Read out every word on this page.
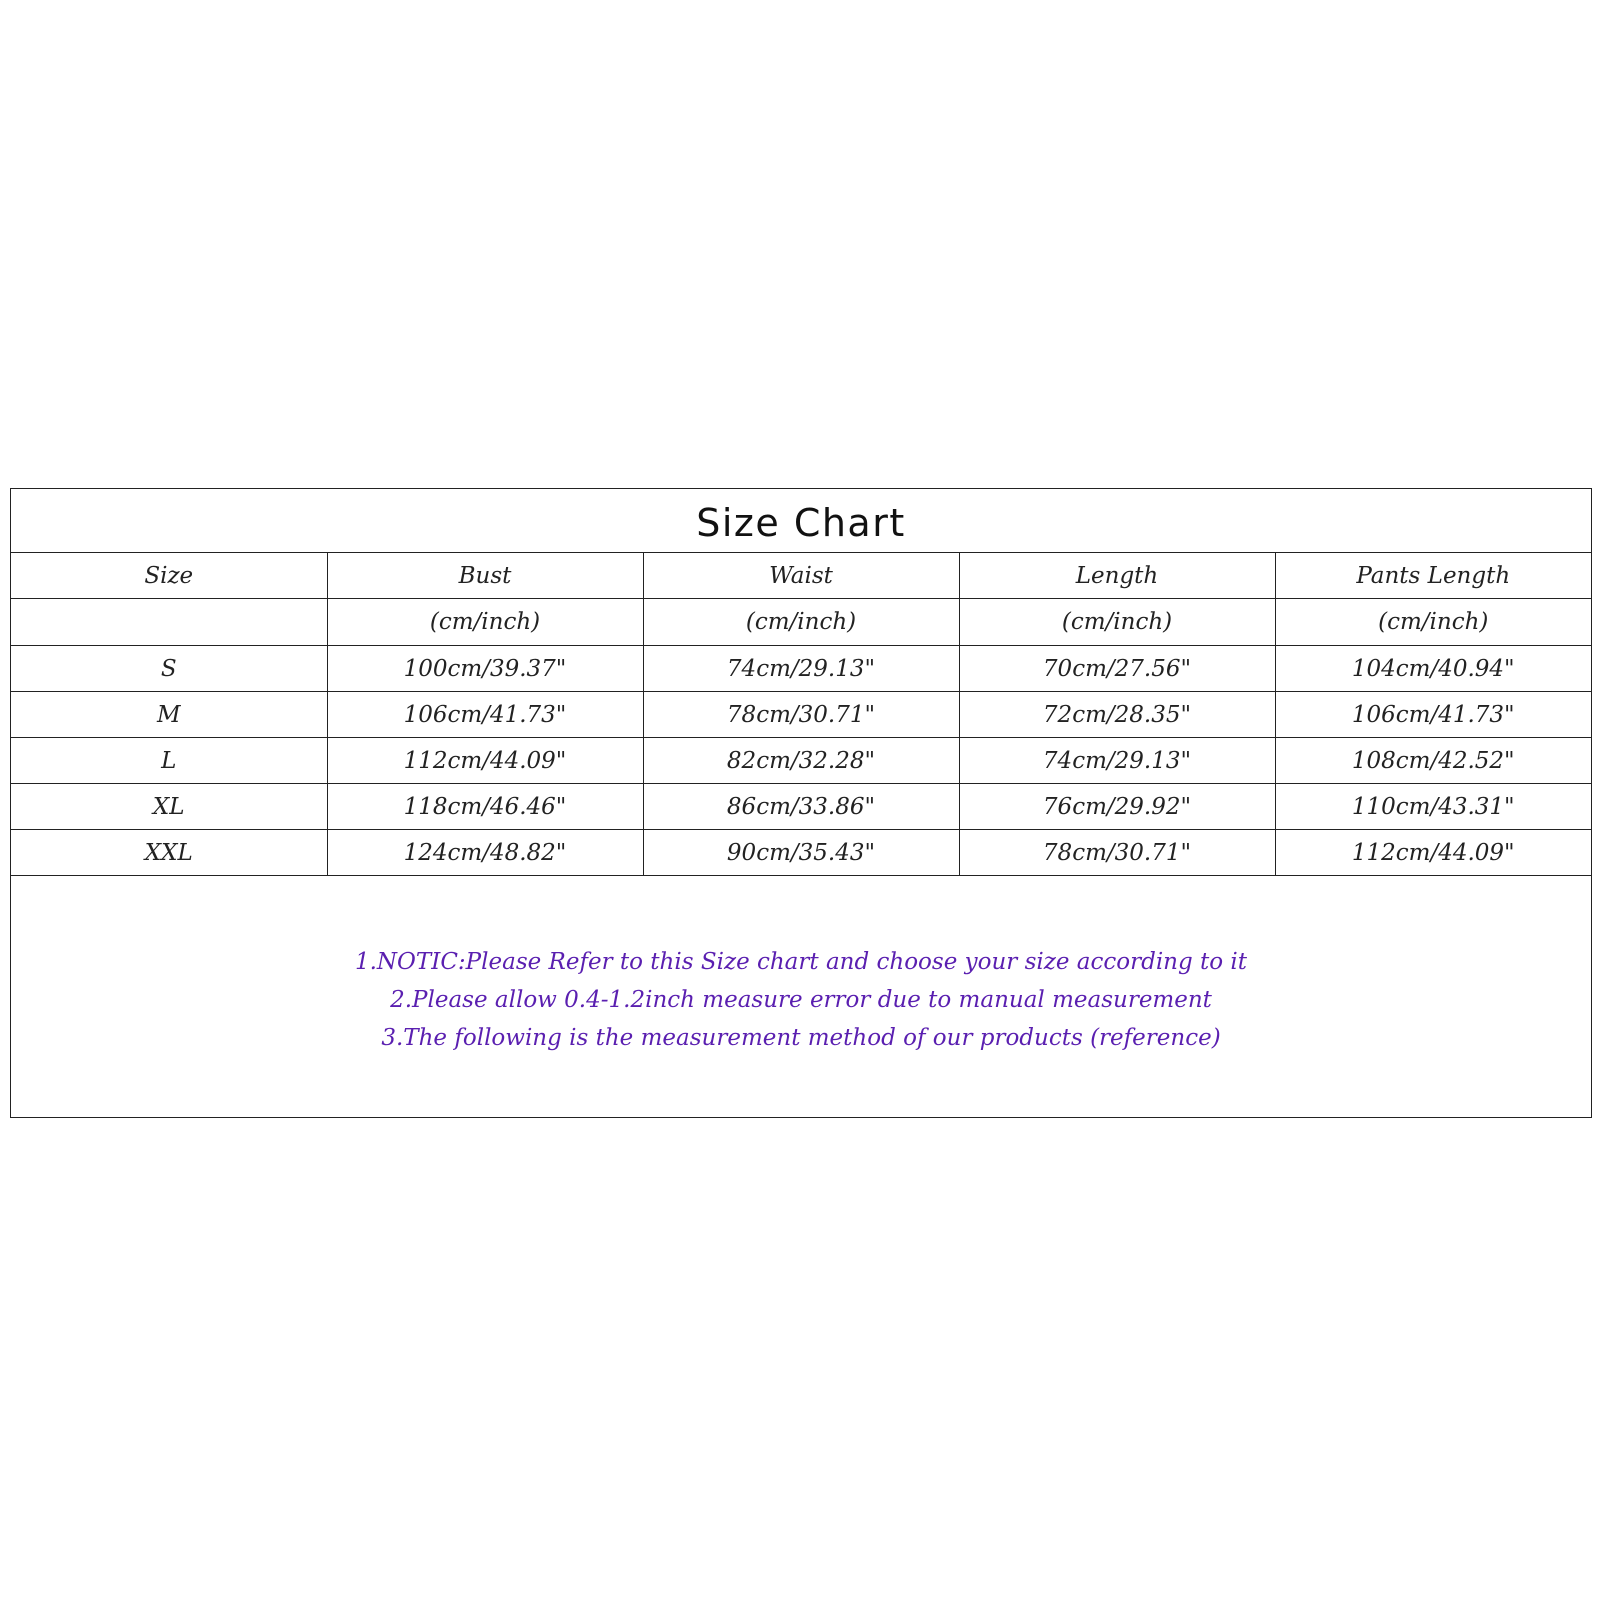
Size Chart
Size	Bust	Waist	Length	Pants Length
	(cm/inch)	(cm/inch)	(cm/inch)	(cm/inch)
S	100cm/39.37"	74cm/29.13"	70cm/27.56"	104cm/40.94"
M	106cm/41.73"	78cm/30.71"	72cm/28.35"	106cm/41.73"
L	112cm/44.09"	82cm/32.28"	74cm/29.13"	108cm/42.52"
XL	118cm/46.46"	86cm/33.86"	76cm/29.92"	110cm/43.31"
XXL	124cm/48.82"	90cm/35.43"	78cm/30.71"	112cm/44.09"
1.NOTIC:Please Refer to this Size chart and choose your size according to it
2.Please allow 0.4-1.2inch measure error due to manual measurement
3.The following is the measurement method of our products (reference)
